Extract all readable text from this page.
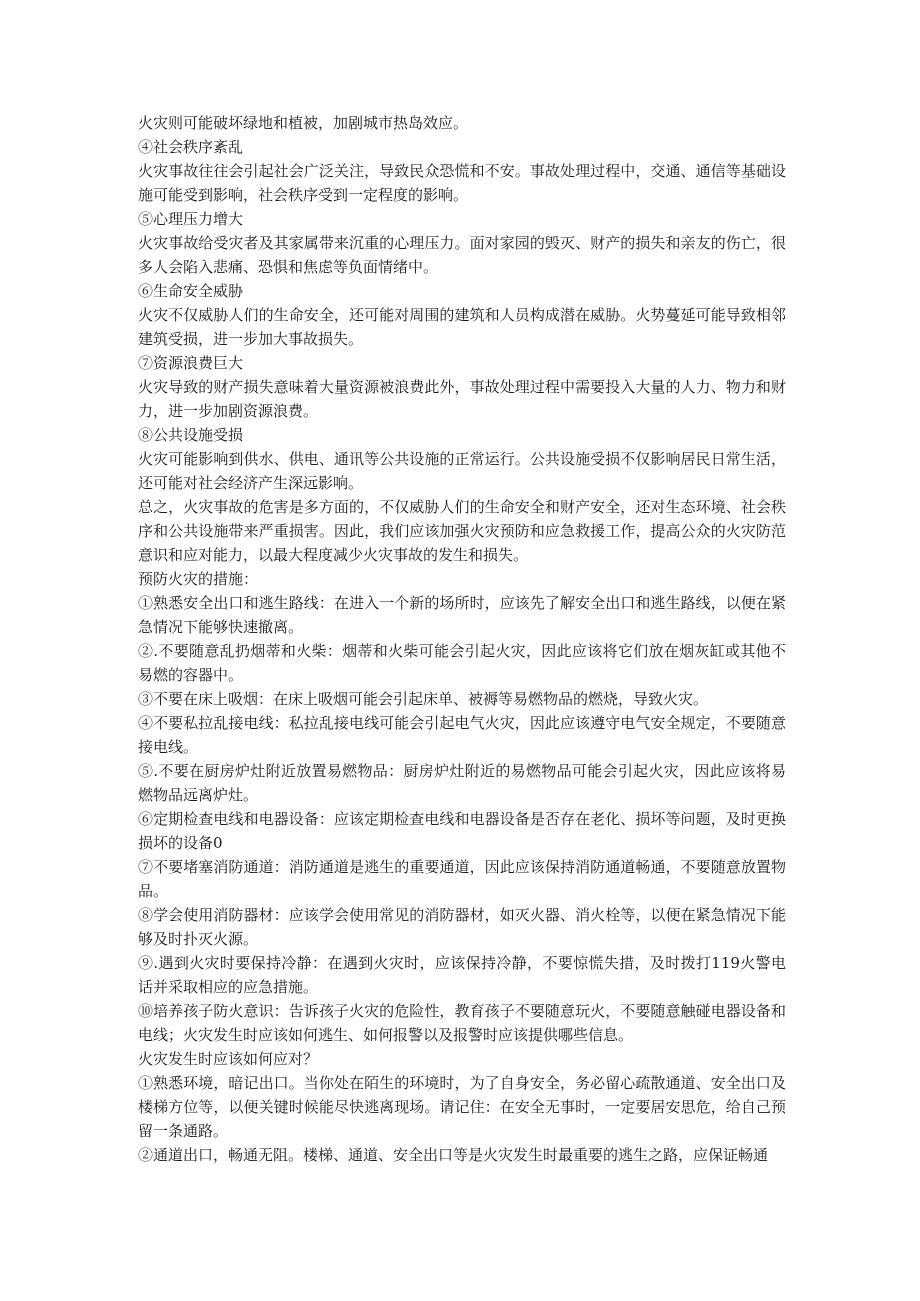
火灾则可能破坏绿地和植被，加剧城市热岛效应。

④社会秩序紊乱

火灾事故往往会引起社会广泛关注，导致民众恐慌和不安。事故处理过程中，交通、通信等基础设施可能受到影响，社会秩序受到一定程度的影响。

⑤心理压力增大

火灾事故给受灾者及其家属带来沉重的心理压力。面对家园的毁灭、财产的损失和亲友的伤亡，很多人会陷入悲痛、恐惧和焦虑等负面情绪中。

⑥生命安全威胁

火灾不仅威胁人们的生命安全，还可能对周围的建筑和人员构成潜在威胁。火势蔓延可能导致相邻建筑受损，进一步加大事故损失。

⑦资源浪费巨大

火灾导致的财产损失意味着大量资源被浪费此外，事故处理过程中需要投入大量的人力、物力和财力，进一步加剧资源浪费。

⑧公共设施受损

火灾可能影响到供水、供电、通讯等公共设施的正常运行。公共设施受损不仅影响居民日常生活，还可能对社会经济产生深远影响。

总之，火灾事故的危害是多方面的，不仅威胁人们的生命安全和财产安全，还对生态环境、社会秩序和公共设施带来严重损害。因此，我们应该加强火灾预防和应急救援工作，提高公众的火灾防范意识和应对能力，以最大程度减少火灾事故的发生和损失。

预防火灾的措施：

①熟悉安全出口和逃生路线：在进入一个新的场所时，应该先了解安全出口和逃生路线，以便在紧急情况下能够快速撤离。

②.不要随意乱扔烟蒂和火柴：烟蒂和火柴可能会引起火灾，因此应该将它们放在烟灰缸或其他不易燃的容器中。

③不要在床上吸烟：在床上吸烟可能会引起床单、被褥等易燃物品的燃烧，导致火灾。

④不要私拉乱接电线：私拉乱接电线可能会引起电气火灾，因此应该遵守电气安全规定，不要随意接电线。

⑤.不要在厨房炉灶附近放置易燃物品：厨房炉灶附近的易燃物品可能会引起火灾，因此应该将易燃物品远离炉灶。

⑥定期检查电线和电器设备：应该定期检查电线和电器设备是否存在老化、损坏等问题，及时更换损坏的设备0

⑦不要堵塞消防通道：消防通道是逃生的重要通道，因此应该保持消防通道畅通，不要随意放置物品。

⑧学会使用消防器材：应该学会使用常见的消防器材，如灭火器、消火栓等，以便在紧急情况下能够及时扑灭火源。

⑨.遇到火灾时要保持冷静：在遇到火灾时，应该保持冷静，不要惊慌失措，及时拨打119火警电话并采取相应的应急措施。

⑩培养孩子防火意识：告诉孩子火灾的危险性，教育孩子不要随意玩火，不要随意触碰电器设备和电线；火灾发生时应该如何逃生、如何报警以及报警时应该提供哪些信息。

火灾发生时应该如何应对？

①熟悉环境，暗记出口。当你处在陌生的环境时，为了自身安全，务必留心疏散通道、安全出口及楼梯方位等，以便关键时候能尽快逃离现场。请记住：在安全无事时，一定要居安思危，给自己预留一条通路。

②通道出口，畅通无阻。楼梯、通道、安全出口等是火灾发生时最重要的逃生之路，应保证畅通
